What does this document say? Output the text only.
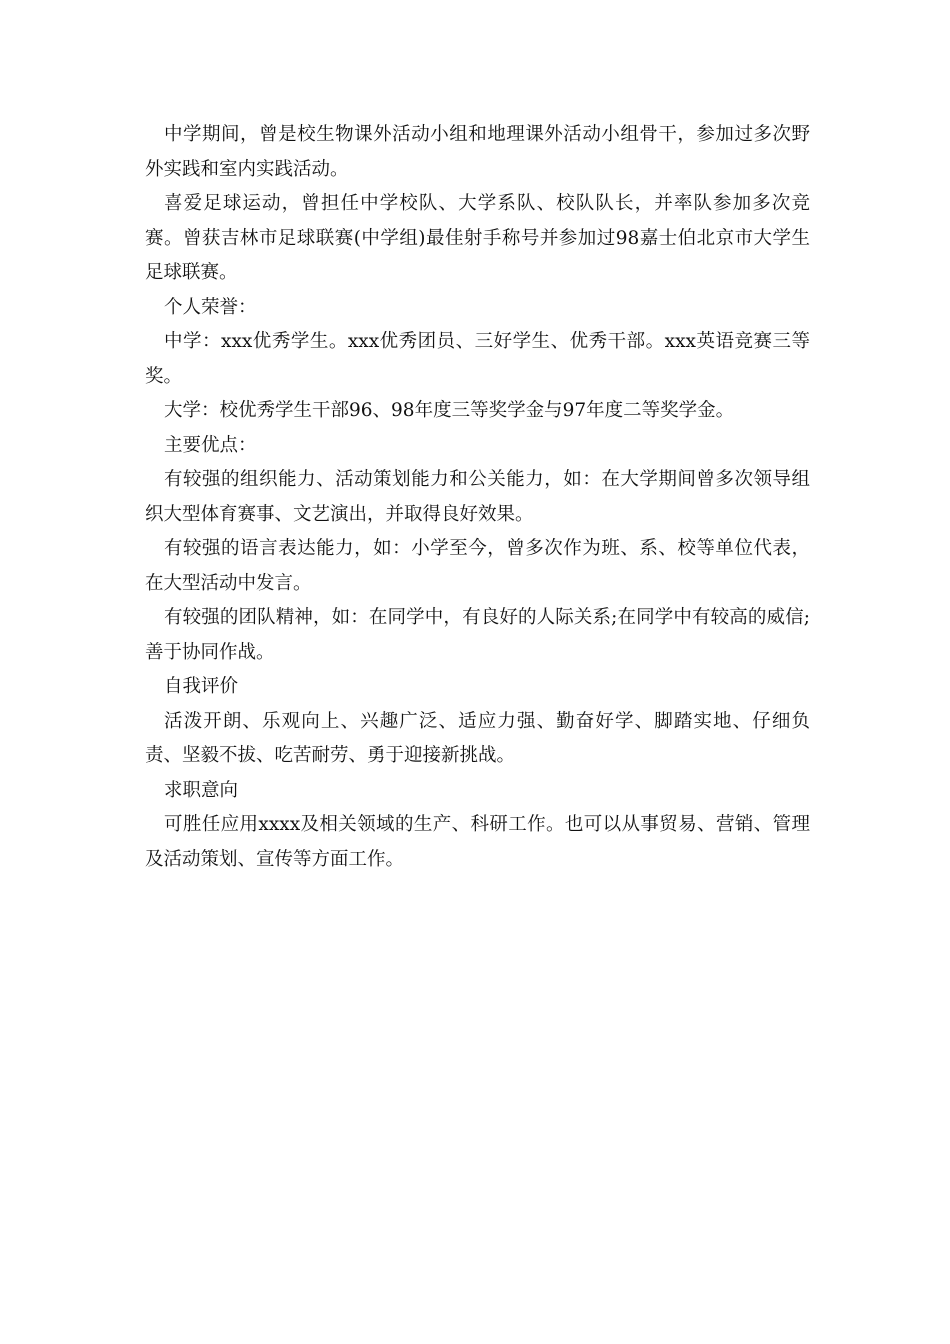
中学期间，曾是校生物课外活动小组和地理课外活动小组骨干，参加过多次野外实践和室内实践活动。

喜爱足球运动，曾担任中学校队、大学系队、校队队长，并率队参加多次竞赛。曾获吉林市足球联赛(中学组)最佳射手称号并参加过98嘉士伯北京市大学生足球联赛。

个人荣誉：

中学：xxx优秀学生。xxx优秀团员、三好学生、优秀干部。xxx英语竞赛三等奖。

大学：校优秀学生干部96、98年度三等奖学金与97年度二等奖学金。

主要优点：

有较强的组织能力、活动策划能力和公关能力，如：在大学期间曾多次领导组织大型体育赛事、文艺演出，并取得良好效果。

有较强的语言表达能力，如：小学至今，曾多次作为班、系、校等单位代表，在大型活动中发言。

有较强的团队精神，如：在同学中，有良好的人际关系;在同学中有较高的威信;善于协同作战。

自我评价

活泼开朗、乐观向上、兴趣广泛、适应力强、勤奋好学、脚踏实地、仔细负责、坚毅不拔、吃苦耐劳、勇于迎接新挑战。

求职意向

可胜任应用xxxx及相关领域的生产、科研工作。也可以从事贸易、营销、管理及活动策划、宣传等方面工作。
